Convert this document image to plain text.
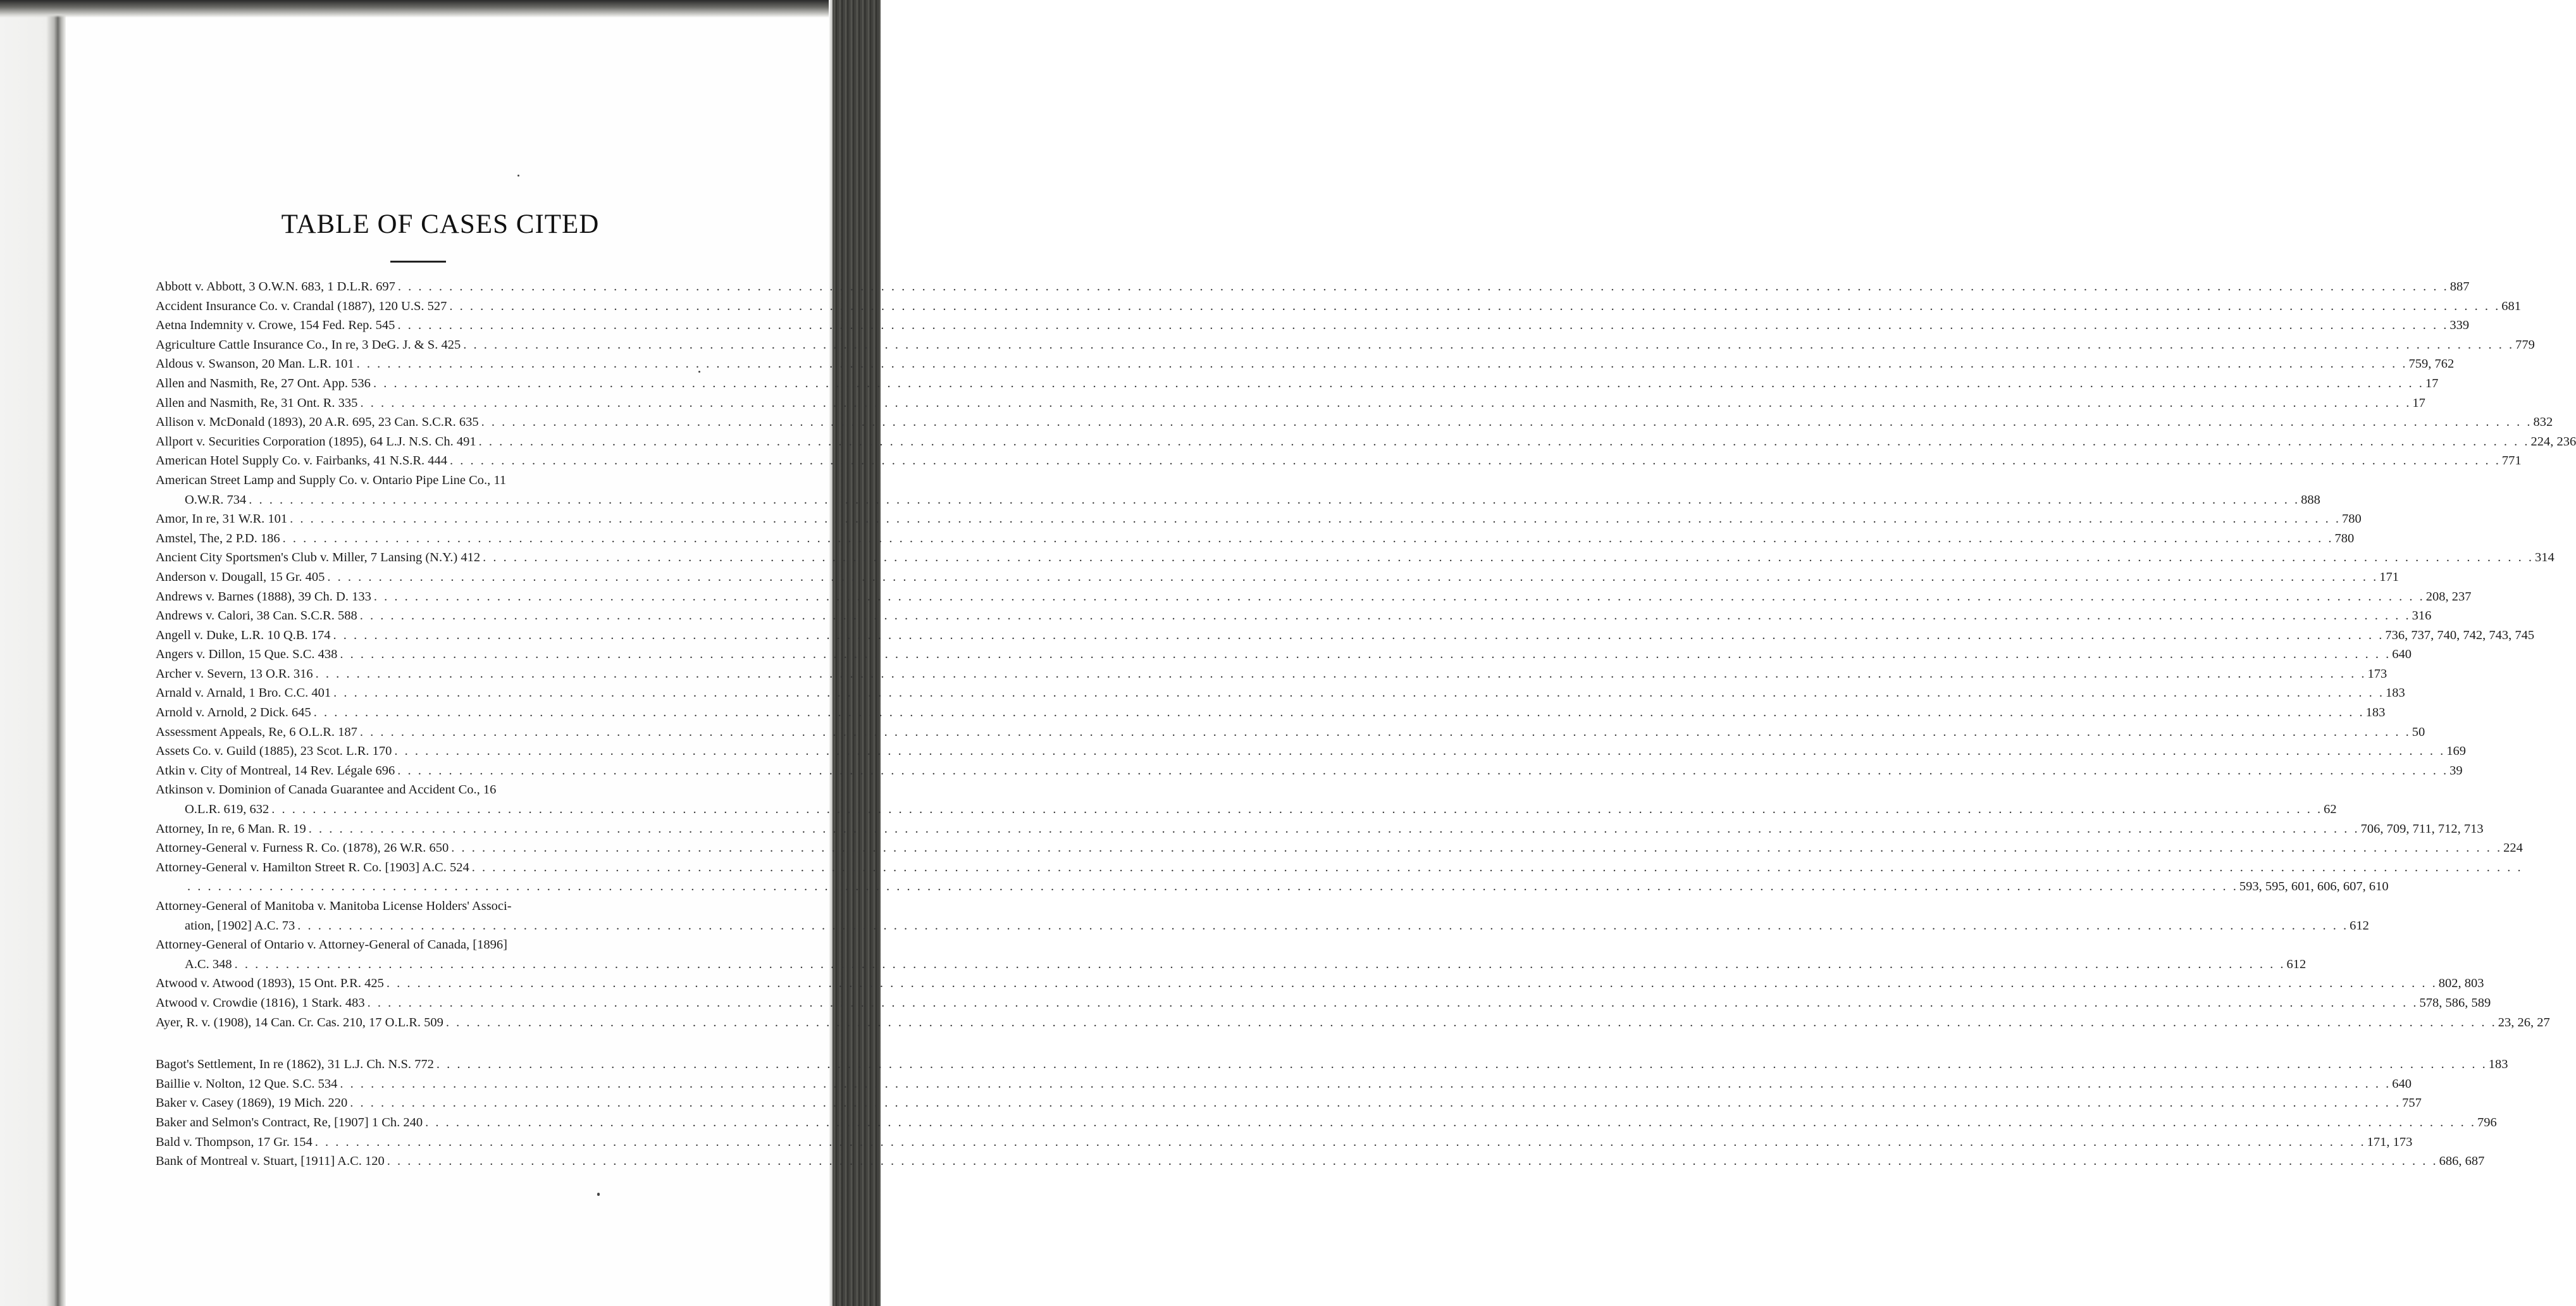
TABLE OF CASES CITED
Abbott v. Abbott, 3 O.W.N. 683, 1 D.L.R. 697 . . . . . . . . . . . . . . . . . . . . . . . . . . . . . . . . . . . . . . . . . . . . . . . . . . . . . . . . . . . . . . . . . . . . . . . . . . . . . . . . . . . . . . . . . . . . . . . . . . . . . . . . . . . . . . . . . . . . . . . . . . . . . . . . . . . . . . . . . . . . . . . . . . . . . . . . . . . . . . . . . . . . . . . . . . . . . . . . . . . . . . . . . . . . . . . . . . . . . . . . 887
Accident Insurance Co. v. Crandal (1887), 120 U.S. 527 . . . . . . . . . . . . . . . . . . . . . . . . . . . . . . . . . . . . . . . . . . . . . . . . . . . . . . . . . . . . . . . . . . . . . . . . . . . . . . . . . . . . . . . . . . . . . . . . . . . . . . . . . . . . . . . . . . . . . . . . . . . . . . . . . . . . . . . . . . . . . . . . . . . . . . . . . . . . . . . . . . . . . . . . . . . . . . . . . . . . . . . . . . . . . . . . . . . . . . . . 681
Aetna Indemnity v. Crowe, 154 Fed. Rep. 545 . . . . . . . . . . . . . . . . . . . . . . . . . . . . . . . . . . . . . . . . . . . . . . . . . . . . . . . . . . . . . . . . . . . . . . . . . . . . . . . . . . . . . . . . . . . . . . . . . . . . . . . . . . . . . . . . . . . . . . . . . . . . . . . . . . . . . . . . . . . . . . . . . . . . . . . . . . . . . . . . . . . . . . . . . . . . . . . . . . . . . . . . . . . . . . . . . . . . . . . . 339
Agriculture Cattle Insurance Co., In re, 3 DeG. J. & S. 425 . . . . . . . . . . . . . . . . . . . . . . . . . . . . . . . . . . . . . . . . . . . . . . . . . . . . . . . . . . . . . . . . . . . . . . . . . . . . . . . . . . . . . . . . . . . . . . . . . . . . . . . . . . . . . . . . . . . . . . . . . . . . . . . . . . . . . . . . . . . . . . . . . . . . . . . . . . . . . . . . . . . . . . . . . . . . . . . . . . . . . . . . . . . . . . . . . . . . . . . . 779
Aldous v. Swanson, 20 Man. L.R. 101 . . . . . . . . . . . . . . . . . . . . . . . . . . . . . . . . . . . . . . . . . . . . . . . . . . . . . . . . . . . . . . . . . . . . . . . . . . . . . . . . . . . . . . . . . . . . . . . . . . . . . . . . . . . . . . . . . . . . . . . . . . . . . . . . . . . . . . . . . . . . . . . . . . . . . . . . . . . . . . . . . . . . . . . . . . . . . . . . . . . . . . . . . . . . . . . . . . . . . . . . 759, 762
Allen and Nasmith, Re, 27 Ont. App. 536 . . . . . . . . . . . . . . . . . . . . . . . . . . . . . . . . . . . . . . . . . . . . . . . . . . . . . . . . . . . . . . . . . . . . . . . . . . . . . . . . . . . . . . . . . . . . . . . . . . . . . . . . . . . . . . . . . . . . . . . . . . . . . . . . . . . . . . . . . . . . . . . . . . . . . . . . . . . . . . . . . . . . . . . . . . . . . . . . . . . . . . . . . . . . . . . . . . . . . . . . 17
Allen and Nasmith, Re, 31 Ont. R. 335 . . . . . . . . . . . . . . . . . . . . . . . . . . . . . . . . . . . . . . . . . . . . . . . . . . . . . . . . . . . . . . . . . . . . . . . . . . . . . . . . . . . . . . . . . . . . . . . . . . . . . . . . . . . . . . . . . . . . . . . . . . . . . . . . . . . . . . . . . . . . . . . . . . . . . . . . . . . . . . . . . . . . . . . . . . . . . . . . . . . . . . . . . . . . . . . . . . . . . . . . 17
Allison v. McDonald (1893), 20 A.R. 695, 23 Can. S.C.R. 635 . . . . . . . . . . . . . . . . . . . . . . . . . . . . . . . . . . . . . . . . . . . . . . . . . . . . . . . . . . . . . . . . . . . . . . . . . . . . . . . . . . . . . . . . . . . . . . . . . . . . . . . . . . . . . . . . . . . . . . . . . . . . . . . . . . . . . . . . . . . . . . . . . . . . . . . . . . . . . . . . . . . . . . . . . . . . . . . . . . . . . . . . . . . . . . . . . . . . . . . . 832
Allport v. Securities Corporation (1895), 64 L.J. N.S. Ch. 491 . . . . . . . . . . . . . . . . . . . . . . . . . . . . . . . . . . . . . . . . . . . . . . . . . . . . . . . . . . . . . . . . . . . . . . . . . . . . . . . . . . . . . . . . . . . . . . . . . . . . . . . . . . . . . . . . . . . . . . . . . . . . . . . . . . . . . . . . . . . . . . . . . . . . . . . . . . . . . . . . . . . . . . . . . . . . . . . . . . . . . . . . . . . . . . . . . . . . . . . . 224, 236
American Hotel Supply Co. v. Fairbanks, 41 N.S.R. 444 . . . . . . . . . . . . . . . . . . . . . . . . . . . . . . . . . . . . . . . . . . . . . . . . . . . . . . . . . . . . . . . . . . . . . . . . . . . . . . . . . . . . . . . . . . . . . . . . . . . . . . . . . . . . . . . . . . . . . . . . . . . . . . . . . . . . . . . . . . . . . . . . . . . . . . . . . . . . . . . . . . . . . . . . . . . . . . . . . . . . . . . . . . . . . . . . . . . . . . . . 771
American Street Lamp and Supply Co. v. Ontario Pipe Line Co., 11
O.W.R. 734 . . . . . . . . . . . . . . . . . . . . . . . . . . . . . . . . . . . . . . . . . . . . . . . . . . . . . . . . . . . . . . . . . . . . . . . . . . . . . . . . . . . . . . . . . . . . . . . . . . . . . . . . . . . . . . . . . . . . . . . . . . . . . . . . . . . . . . . . . . . . . . . . . . . . . . . . . . . . . . . . . . . . . . . . . . . . . . . . . . . . . . . . . . . . . . . . . . . . . . . . 888
Amor, In re, 31 W.R. 101 . . . . . . . . . . . . . . . . . . . . . . . . . . . . . . . . . . . . . . . . . . . . . . . . . . . . . . . . . . . . . . . . . . . . . . . . . . . . . . . . . . . . . . . . . . . . . . . . . . . . . . . . . . . . . . . . . . . . . . . . . . . . . . . . . . . . . . . . . . . . . . . . . . . . . . . . . . . . . . . . . . . . . . . . . . . . . . . . . . . . . . . . . . . . . . . . . . . . . . . . 780
Amstel, The, 2 P.D. 186 . . . . . . . . . . . . . . . . . . . . . . . . . . . . . . . . . . . . . . . . . . . . . . . . . . . . . . . . . . . . . . . . . . . . . . . . . . . . . . . . . . . . . . . . . . . . . . . . . . . . . . . . . . . . . . . . . . . . . . . . . . . . . . . . . . . . . . . . . . . . . . . . . . . . . . . . . . . . . . . . . . . . . . . . . . . . . . . . . . . . . . . . . . . . . . . . . . . . . . . . 780
Ancient City Sportsmen's Club v. Miller, 7 Lansing (N.Y.) 412 . . . . . . . . . . . . . . . . . . . . . . . . . . . . . . . . . . . . . . . . . . . . . . . . . . . . . . . . . . . . . . . . . . . . . . . . . . . . . . . . . . . . . . . . . . . . . . . . . . . . . . . . . . . . . . . . . . . . . . . . . . . . . . . . . . . . . . . . . . . . . . . . . . . . . . . . . . . . . . . . . . . . . . . . . . . . . . . . . . . . . . . . . . . . . . . . . . . . . . . . 314
Anderson v. Dougall, 15 Gr. 405 . . . . . . . . . . . . . . . . . . . . . . . . . . . . . . . . . . . . . . . . . . . . . . . . . . . . . . . . . . . . . . . . . . . . . . . . . . . . . . . . . . . . . . . . . . . . . . . . . . . . . . . . . . . . . . . . . . . . . . . . . . . . . . . . . . . . . . . . . . . . . . . . . . . . . . . . . . . . . . . . . . . . . . . . . . . . . . . . . . . . . . . . . . . . . . . . . . . . . . . . 171
Andrews v. Barnes (1888), 39 Ch. D. 133 . . . . . . . . . . . . . . . . . . . . . . . . . . . . . . . . . . . . . . . . . . . . . . . . . . . . . . . . . . . . . . . . . . . . . . . . . . . . . . . . . . . . . . . . . . . . . . . . . . . . . . . . . . . . . . . . . . . . . . . . . . . . . . . . . . . . . . . . . . . . . . . . . . . . . . . . . . . . . . . . . . . . . . . . . . . . . . . . . . . . . . . . . . . . . . . . . . . . . . . . 208, 237
Andrews v. Calori, 38 Can. S.C.R. 588 . . . . . . . . . . . . . . . . . . . . . . . . . . . . . . . . . . . . . . . . . . . . . . . . . . . . . . . . . . . . . . . . . . . . . . . . . . . . . . . . . . . . . . . . . . . . . . . . . . . . . . . . . . . . . . . . . . . . . . . . . . . . . . . . . . . . . . . . . . . . . . . . . . . . . . . . . . . . . . . . . . . . . . . . . . . . . . . . . . . . . . . . . . . . . . . . . . . . . . . . 316
Angell v. Duke, L.R. 10 Q.B. 174 . . . . . . . . . . . . . . . . . . . . . . . . . . . . . . . . . . . . . . . . . . . . . . . . . . . . . . . . . . . . . . . . . . . . . . . . . . . . . . . . . . . . . . . . . . . . . . . . . . . . . . . . . . . . . . . . . . . . . . . . . . . . . . . . . . . . . . . . . . . . . . . . . . . . . . . . . . . . . . . . . . . . . . . . . . . . . . . . . . . . . . . . . . . . . . . . . . . . . . . . 736, 737, 740, 742, 743, 745
Angers v. Dillon, 15 Que. S.C. 438 . . . . . . . . . . . . . . . . . . . . . . . . . . . . . . . . . . . . . . . . . . . . . . . . . . . . . . . . . . . . . . . . . . . . . . . . . . . . . . . . . . . . . . . . . . . . . . . . . . . . . . . . . . . . . . . . . . . . . . . . . . . . . . . . . . . . . . . . . . . . . . . . . . . . . . . . . . . . . . . . . . . . . . . . . . . . . . . . . . . . . . . . . . . . . . . . . . . . . . . . 640
Archer v. Severn, 13 O.R. 316 . . . . . . . . . . . . . . . . . . . . . . . . . . . . . . . . . . . . . . . . . . . . . . . . . . . . . . . . . . . . . . . . . . . . . . . . . . . . . . . . . . . . . . . . . . . . . . . . . . . . . . . . . . . . . . . . . . . . . . . . . . . . . . . . . . . . . . . . . . . . . . . . . . . . . . . . . . . . . . . . . . . . . . . . . . . . . . . . . . . . . . . . . . . . . . . . . . . . . . . . 173
Arnald v. Arnald, 1 Bro. C.C. 401 . . . . . . . . . . . . . . . . . . . . . . . . . . . . . . . . . . . . . . . . . . . . . . . . . . . . . . . . . . . . . . . . . . . . . . . . . . . . . . . . . . . . . . . . . . . . . . . . . . . . . . . . . . . . . . . . . . . . . . . . . . . . . . . . . . . . . . . . . . . . . . . . . . . . . . . . . . . . . . . . . . . . . . . . . . . . . . . . . . . . . . . . . . . . . . . . . . . . . . . . 183
Arnold v. Arnold, 2 Dick. 645 . . . . . . . . . . . . . . . . . . . . . . . . . . . . . . . . . . . . . . . . . . . . . . . . . . . . . . . . . . . . . . . . . . . . . . . . . . . . . . . . . . . . . . . . . . . . . . . . . . . . . . . . . . . . . . . . . . . . . . . . . . . . . . . . . . . . . . . . . . . . . . . . . . . . . . . . . . . . . . . . . . . . . . . . . . . . . . . . . . . . . . . . . . . . . . . . . . . . . . . . 183
Assessment Appeals, Re, 6 O.L.R. 187 . . . . . . . . . . . . . . . . . . . . . . . . . . . . . . . . . . . . . . . . . . . . . . . . . . . . . . . . . . . . . . . . . . . . . . . . . . . . . . . . . . . . . . . . . . . . . . . . . . . . . . . . . . . . . . . . . . . . . . . . . . . . . . . . . . . . . . . . . . . . . . . . . . . . . . . . . . . . . . . . . . . . . . . . . . . . . . . . . . . . . . . . . . . . . . . . . . . . . . . . 50
Assets Co. v. Guild (1885), 23 Scot. L.R. 170 . . . . . . . . . . . . . . . . . . . . . . . . . . . . . . . . . . . . . . . . . . . . . . . . . . . . . . . . . . . . . . . . . . . . . . . . . . . . . . . . . . . . . . . . . . . . . . . . . . . . . . . . . . . . . . . . . . . . . . . . . . . . . . . . . . . . . . . . . . . . . . . . . . . . . . . . . . . . . . . . . . . . . . . . . . . . . . . . . . . . . . . . . . . . . . . . . . . . . . . . 169
Atkin v. City of Montreal, 14 Rev. Légale 696 . . . . . . . . . . . . . . . . . . . . . . . . . . . . . . . . . . . . . . . . . . . . . . . . . . . . . . . . . . . . . . . . . . . . . . . . . . . . . . . . . . . . . . . . . . . . . . . . . . . . . . . . . . . . . . . . . . . . . . . . . . . . . . . . . . . . . . . . . . . . . . . . . . . . . . . . . . . . . . . . . . . . . . . . . . . . . . . . . . . . . . . . . . . . . . . . . . . . . . . . 39
Atkinson v. Dominion of Canada Guarantee and Accident Co., 16
O.L.R. 619, 632 . . . . . . . . . . . . . . . . . . . . . . . . . . . . . . . . . . . . . . . . . . . . . . . . . . . . . . . . . . . . . . . . . . . . . . . . . . . . . . . . . . . . . . . . . . . . . . . . . . . . . . . . . . . . . . . . . . . . . . . . . . . . . . . . . . . . . . . . . . . . . . . . . . . . . . . . . . . . . . . . . . . . . . . . . . . . . . . . . . . . . . . . . . . . . . . . . . . . . . . . 62
Attorney, In re, 6 Man. R. 19 . . . . . . . . . . . . . . . . . . . . . . . . . . . . . . . . . . . . . . . . . . . . . . . . . . . . . . . . . . . . . . . . . . . . . . . . . . . . . . . . . . . . . . . . . . . . . . . . . . . . . . . . . . . . . . . . . . . . . . . . . . . . . . . . . . . . . . . . . . . . . . . . . . . . . . . . . . . . . . . . . . . . . . . . . . . . . . . . . . . . . . . . . . . . . . . . . . . . . . . . 706, 709, 711, 712, 713
Attorney-General v. Furness R. Co. (1878), 26 W.R. 650 . . . . . . . . . . . . . . . . . . . . . . . . . . . . . . . . . . . . . . . . . . . . . . . . . . . . . . . . . . . . . . . . . . . . . . . . . . . . . . . . . . . . . . . . . . . . . . . . . . . . . . . . . . . . . . . . . . . . . . . . . . . . . . . . . . . . . . . . . . . . . . . . . . . . . . . . . . . . . . . . . . . . . . . . . . . . . . . . . . . . . . . . . . . . . . . . . . . . . . . . 224
Attorney-General v. Hamilton Street R. Co. [1903] A.C. 524 . . . . . . . . . . . . . . . . . . . . . . . . . . . . . . . . . . . . . . . . . . . . . . . . . . . . . . . . . . . . . . . . . . . . . . . . . . . . . . . . . . . . . . . . . . . . . . . . . . . . . . . . . . . . . . . . . . . . . . . . . . . . . . . . . . . . . . . . . . . . . . . . . . . . . . . . . . . . . . . . . . . . . . . . . . . . . . . . . . . . . . . . . . . . . . . . . . . . . . . .
. . . . . . . . . . . . . . . . . . . . . . . . . . . . . . . . . . . . . . . . . . . . . . . . . . . . . . . . . . . . . . . . . . . . . . . . . . . . . . . . . . . . . . . . . . . . . . . . . . . . . . . . . . . . . . . . . . . . . . . . . . . . . . . . . . . . . . . . . . . . . . . . . . . . . . . . . . . . . . . . . . . . . . . . . . . . . . . . . . . . . . . . . . . . . . . . . . . . . . . . 593, 595, 601, 606, 607, 610
Attorney-General of Manitoba v. Manitoba License Holders' Associ-
ation, [1902] A.C. 73 . . . . . . . . . . . . . . . . . . . . . . . . . . . . . . . . . . . . . . . . . . . . . . . . . . . . . . . . . . . . . . . . . . . . . . . . . . . . . . . . . . . . . . . . . . . . . . . . . . . . . . . . . . . . . . . . . . . . . . . . . . . . . . . . . . . . . . . . . . . . . . . . . . . . . . . . . . . . . . . . . . . . . . . . . . . . . . . . . . . . . . . . . . . . . . . . . . . . . . . . 612
Attorney-General of Ontario v. Attorney-General of Canada, [1896]
A.C. 348 . . . . . . . . . . . . . . . . . . . . . . . . . . . . . . . . . . . . . . . . . . . . . . . . . . . . . . . . . . . . . . . . . . . . . . . . . . . . . . . . . . . . . . . . . . . . . . . . . . . . . . . . . . . . . . . . . . . . . . . . . . . . . . . . . . . . . . . . . . . . . . . . . . . . . . . . . . . . . . . . . . . . . . . . . . . . . . . . . . . . . . . . . . . . . . . . . . . . . . . . 612
Atwood v. Atwood (1893), 15 Ont. P.R. 425 . . . . . . . . . . . . . . . . . . . . . . . . . . . . . . . . . . . . . . . . . . . . . . . . . . . . . . . . . . . . . . . . . . . . . . . . . . . . . . . . . . . . . . . . . . . . . . . . . . . . . . . . . . . . . . . . . . . . . . . . . . . . . . . . . . . . . . . . . . . . . . . . . . . . . . . . . . . . . . . . . . . . . . . . . . . . . . . . . . . . . . . . . . . . . . . . . . . . . . . . 802, 803
Atwood v. Crowdie (1816), 1 Stark. 483 . . . . . . . . . . . . . . . . . . . . . . . . . . . . . . . . . . . . . . . . . . . . . . . . . . . . . . . . . . . . . . . . . . . . . . . . . . . . . . . . . . . . . . . . . . . . . . . . . . . . . . . . . . . . . . . . . . . . . . . . . . . . . . . . . . . . . . . . . . . . . . . . . . . . . . . . . . . . . . . . . . . . . . . . . . . . . . . . . . . . . . . . . . . . . . . . . . . . . . . . 578, 586, 589
Ayer, R. v. (1908), 14 Can. Cr. Cas. 210, 17 O.L.R. 509 . . . . . . . . . . . . . . . . . . . . . . . . . . . . . . . . . . . . . . . . . . . . . . . . . . . . . . . . . . . . . . . . . . . . . . . . . . . . . . . . . . . . . . . . . . . . . . . . . . . . . . . . . . . . . . . . . . . . . . . . . . . . . . . . . . . . . . . . . . . . . . . . . . . . . . . . . . . . . . . . . . . . . . . . . . . . . . . . . . . . . . . . . . . . . . . . . . . . . . . . 23, 26, 27
Bagot's Settlement, In re (1862), 31 L.J. Ch. N.S. 772 . . . . . . . . . . . . . . . . . . . . . . . . . . . . . . . . . . . . . . . . . . . . . . . . . . . . . . . . . . . . . . . . . . . . . . . . . . . . . . . . . . . . . . . . . . . . . . . . . . . . . . . . . . . . . . . . . . . . . . . . . . . . . . . . . . . . . . . . . . . . . . . . . . . . . . . . . . . . . . . . . . . . . . . . . . . . . . . . . . . . . . . . . . . . . . . . . . . . . . . . 183
Baillie v. Nolton, 12 Que. S.C. 534 . . . . . . . . . . . . . . . . . . . . . . . . . . . . . . . . . . . . . . . . . . . . . . . . . . . . . . . . . . . . . . . . . . . . . . . . . . . . . . . . . . . . . . . . . . . . . . . . . . . . . . . . . . . . . . . . . . . . . . . . . . . . . . . . . . . . . . . . . . . . . . . . . . . . . . . . . . . . . . . . . . . . . . . . . . . . . . . . . . . . . . . . . . . . . . . . . . . . . . . . 640
Baker v. Casey (1869), 19 Mich. 220 . . . . . . . . . . . . . . . . . . . . . . . . . . . . . . . . . . . . . . . . . . . . . . . . . . . . . . . . . . . . . . . . . . . . . . . . . . . . . . . . . . . . . . . . . . . . . . . . . . . . . . . . . . . . . . . . . . . . . . . . . . . . . . . . . . . . . . . . . . . . . . . . . . . . . . . . . . . . . . . . . . . . . . . . . . . . . . . . . . . . . . . . . . . . . . . . . . . . . . . . 757
Baker and Selmon's Contract, Re, [1907] 1 Ch. 240 . . . . . . . . . . . . . . . . . . . . . . . . . . . . . . . . . . . . . . . . . . . . . . . . . . . . . . . . . . . . . . . . . . . . . . . . . . . . . . . . . . . . . . . . . . . . . . . . . . . . . . . . . . . . . . . . . . . . . . . . . . . . . . . . . . . . . . . . . . . . . . . . . . . . . . . . . . . . . . . . . . . . . . . . . . . . . . . . . . . . . . . . . . . . . . . . . . . . . . . . 796
Bald v. Thompson, 17 Gr. 154 . . . . . . . . . . . . . . . . . . . . . . . . . . . . . . . . . . . . . . . . . . . . . . . . . . . . . . . . . . . . . . . . . . . . . . . . . . . . . . . . . . . . . . . . . . . . . . . . . . . . . . . . . . . . . . . . . . . . . . . . . . . . . . . . . . . . . . . . . . . . . . . . . . . . . . . . . . . . . . . . . . . . . . . . . . . . . . . . . . . . . . . . . . . . . . . . . . . . . . . . 171, 173
Bank of Montreal v. Stuart, [1911] A.C. 120 . . . . . . . . . . . . . . . . . . . . . . . . . . . . . . . . . . . . . . . . . . . . . . . . . . . . . . . . . . . . . . . . . . . . . . . . . . . . . . . . . . . . . . . . . . . . . . . . . . . . . . . . . . . . . . . . . . . . . . . . . . . . . . . . . . . . . . . . . . . . . . . . . . . . . . . . . . . . . . . . . . . . . . . . . . . . . . . . . . . . . . . . . . . . . . . . . . . . . . . . 686, 687
